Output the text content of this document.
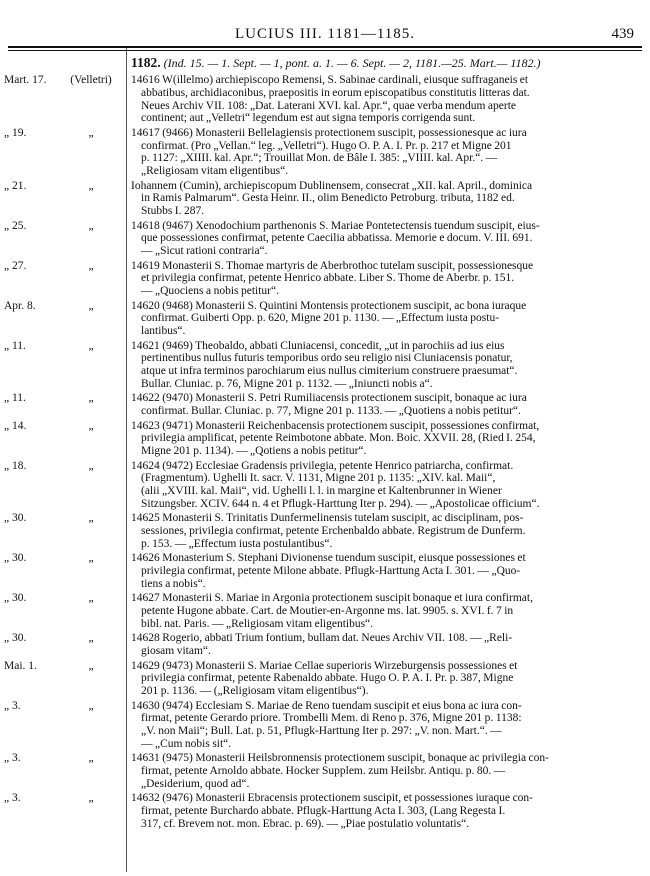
LUCIUS III. 1181—1185.	439
1182. (Ind. 15. — 1. Sept. — 1, pont. a. 1. — 6. Sept. — 2, 1181.—25. Mart.— 1182.)
Mart. 17.	(Velletri)	14616 W(illelmo) archiepiscopo Remensi, S. Sabinae cardinali, eiusque suffraganeis et
abbatibus, archidiaconibus, praepositis in eorum episcopatibus constitutis litteras dat.
Neues Archiv VII. 108: „Dat. Laterani XVI. kal. Apr.“, quae verba mendum aperte
continent; aut „Velletri“ legendum est aut signa temporis corrigenda sunt.
„ 19.	„	14617 (9466) Monasterii Bellelagiensis protectionem suscipit, possessionesque ac iura
confirmat. (Pro „Vellan.“ leg. „Velletri“). Hugo O. P. A. I. Pr. p. 217 et Migne 201
p. 1127: „XIIII. kal. Apr.“; Trouillat Mon. de Bâle I. 385: „VIIII. kal. Apr.“. —
„Religiosam vitam eligentibus“.
„ 21.	„	Iohannem (Cumin), archiepiscopum Dublinensem, consecrat „XII. kal. April., dominica
in Ramis Palmarum“. Gesta Heinr. II., olim Benedicto Petroburg. tributa, 1182 ed.
Stubbs I. 287.
„ 25.	„	14618 (9467) Xenodochium parthenonis S. Mariae Pontetectensis tuendum suscipit, eius-
que possessiones confirmat, petente Caecilia abbatissa. Memorie e docum. V. III. 691.
— „Sicut rationi contraria“.
„ 27.	„	14619 Monasterii S. Thomae martyris de Aberbrothoc tutelam suscipit, possessionesque
et privilegia confirmat, petente Henrico abbate. Liber S. Thome de Aberbr. p. 151.
— „Quociens a nobis petitur“.
Apr. 8.	„	14620 (9468) Monasterii S. Quintini Montensis protectionem suscipit, ac bona iuraque
confirmat. Guiberti Opp. p. 620, Migne 201 p. 1130. — „Effectum iusta postu-
lantibus“.
„ 11.	„	14621 (9469) Theobaldo, abbati Cluniacensi, concedit, „ut in parochiis ad ius eius
pertinentibus nullus futuris temporibus ordo seu religio nisi Cluniacensis ponatur,
atque ut infra terminos parochiarum eius nullus cimiterium construere praesumat“.
Bullar. Cluniac. p. 76, Migne 201 p. 1132. — „Iniuncti nobis a“.
„ 11.	„	14622 (9470) Monasterii S. Petri Rumiliacensis protectionem suscipit, bonaque ac iura
confirmat. Bullar. Cluniac. p. 77, Migne 201 p. 1133. — „Quotiens a nobis petitur“.
„ 14.	„	14623 (9471) Monasterii Reichenbacensis protectionem suscipit, possessiones confirmat,
privilegia amplificat, petente Reimbotone abbate. Mon. Boic. XXVII. 28, (Ried I. 254,
Migne 201 p. 1134). — „Qotiens a nobis petitur“.
„ 18.	„	14624 (9472) Ecclesiae Gradensis privilegia, petente Henrico patriarcha, confirmat.
(Fragmentum). Ughelli It. sacr. V. 1131, Migne 201 p. 1135: „XIV. kal. Maii“,
(alii „XVIII. kal. Maii“, vid. Ughelli l. l. in margine et Kaltenbrunner in Wiener
Sitzungsber. XCIV. 644 n. 4 et Pflugk-Harttung Iter p. 294). — „Apostolicae officium“.
„ 30.	„	14625 Monasterii S. Trinitatis Dunfermelinensis tutelam suscipit, ac disciplinam, pos-
sessiones, privilegia confirmat, petente Erchenbaldo abbate. Registrum de Dunferm.
p. 153. — „Effectum iusta postulantibus“.
„ 30.	„	14626 Monasterium S. Stephani Divionense tuendum suscipit, eiusque possessiones et
privilegia confirmat, petente Milone abbate. Pflugk-Harttung Acta I. 301. — „Quo-
tiens a nobis“.
„ 30.	„	14627 Monasterii S. Mariae in Argonia protectionem suscipit bonaque et iura confirmat,
petente Hugone abbate. Cart. de Moutier-en-Argonne ms. lat. 9905. s. XVI. f. 7 in
bibl. nat. Paris. — „Religiosam vitam eligentibus“.
„ 30.	„	14628 Rogerio, abbati Trium fontium, bullam dat. Neues Archiv VII. 108. — „Reli-
giosam vitam“.
Mai. 1.	„	14629 (9473) Monasterii S. Mariae Cellae superioris Wirzeburgensis possessiones et
privilegia confirmat, petente Rabenaldo abbate. Hugo O. P. A. I. Pr. p. 387, Migne
201 p. 1136. — („Religiosam vitam eligentibus“).
„ 3.	„	14630 (9474) Ecclesiam S. Mariae de Reno tuendam suscipit et eius bona ac iura con-
firmat, petente Gerardo priore. Trombelli Mem. di Reno p. 376, Migne 201 p. 1138:
„V. non Maii“; Bull. Lat. p. 51, Pflugk-Harttung Iter p. 297: „V. non. Mart.“. —
— „Cum nobis sit“.
„ 3.	„	14631 (9475) Monasterii Heilsbronnensis protectionem suscipit, bonaque ac privilegia con-
firmat, petente Arnoldo abbate. Hocker Supplem. zum Heilsbr. Antiqu. p. 80. —
„Desiderium, quod ad“.
„ 3.	„	14632 (9476) Monasterii Ebracensis protectionem suscipit, et possessiones iuraque con-
firmat, petente Burchardo abbate. Pflugk-Harttung Acta I. 303, (Lang Regesta I.
317, cf. Brevem not. mon. Ebrac. p. 69). — „Piae postulatio voluntatis“.
